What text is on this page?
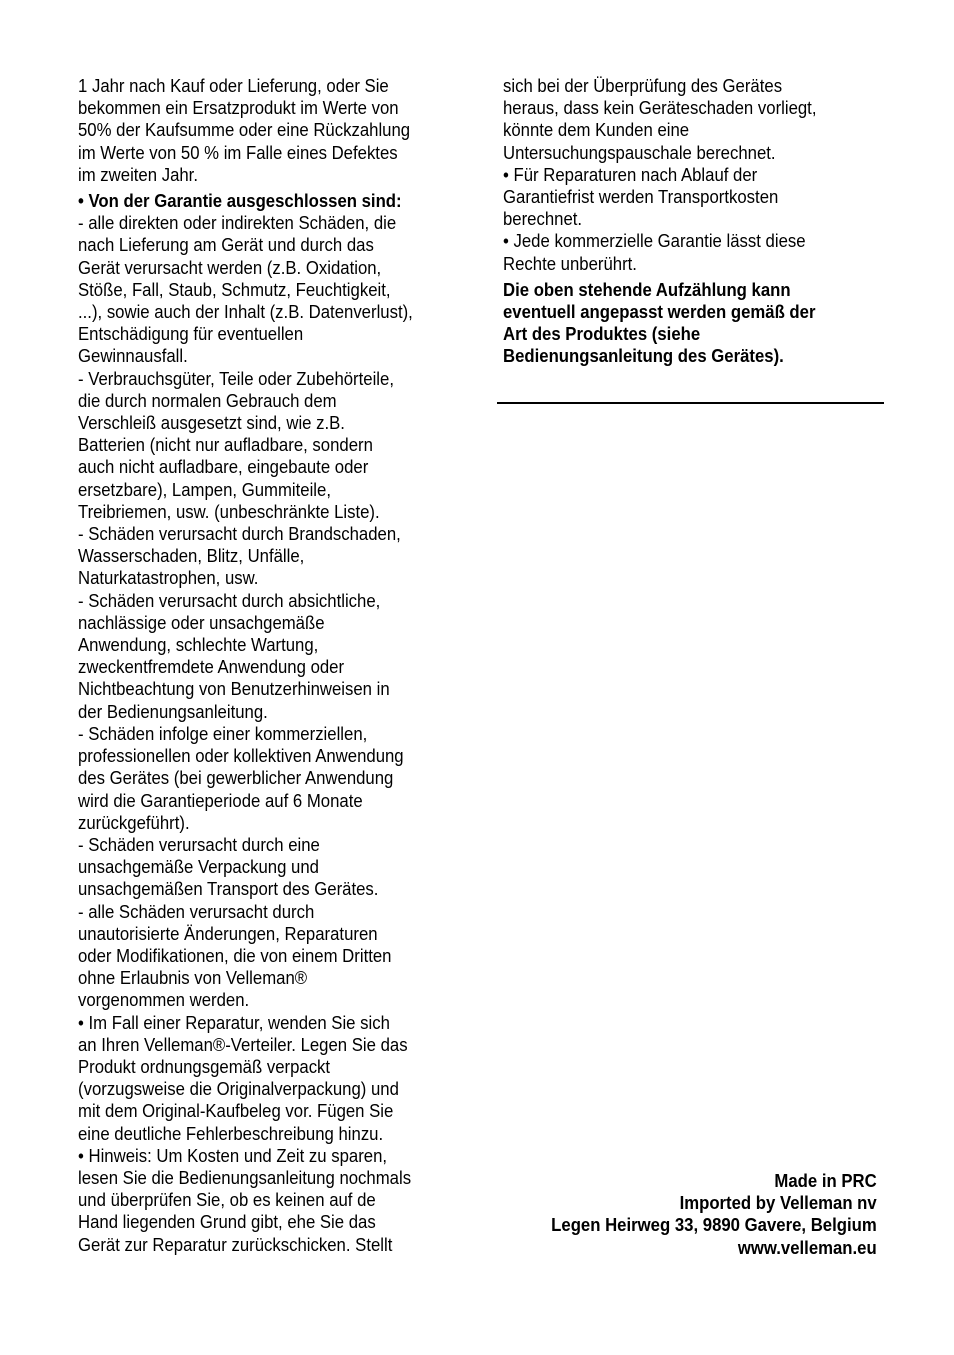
1 Jahr nach Kauf oder Lieferung, oder Sie
bekommen ein Ersatzprodukt im Werte von
50% der Kaufsumme oder eine Rückzahlung
im Werte von 50 % im Falle eines Defektes
im zweiten Jahr.
• Von der Garantie ausgeschlossen sind:
- alle direkten oder indirekten Schäden, die
nach Lieferung am Gerät und durch das
Gerät verursacht werden (z.B. Oxidation,
Stöße, Fall, Staub, Schmutz, Feuchtigkeit,
...), sowie auch der Inhalt (z.B. Datenverlust),
Entschädigung für eventuellen
Gewinnausfall.
- Verbrauchsgüter, Teile oder Zubehörteile,
die durch normalen Gebrauch dem
Verschleiß ausgesetzt sind, wie z.B.
Batterien (nicht nur aufladbare, sondern
auch nicht aufladbare, eingebaute oder
ersetzbare), Lampen, Gummiteile,
Treibriemen, usw. (unbeschränkte Liste).
- Schäden verursacht durch Brandschaden,
Wasserschaden, Blitz, Unfälle,
Naturkatastrophen, usw.
- Schäden verursacht durch absichtliche,
nachlässige oder unsachgemäße
Anwendung, schlechte Wartung,
zweckentfremdete Anwendung oder
Nichtbeachtung von Benutzerhinweisen in
der Bedienungsanleitung.
- Schäden infolge einer kommerziellen,
professionellen oder kollektiven Anwendung
des Gerätes (bei gewerblicher Anwendung
wird die Garantieperiode auf 6 Monate
zurückgeführt).
- Schäden verursacht durch eine
unsachgemäße Verpackung und
unsachgemäßen Transport des Gerätes.
- alle Schäden verursacht durch
unautorisierte Änderungen, Reparaturen
oder Modifikationen, die von einem Dritten
ohne Erlaubnis von Velleman®
vorgenommen werden.
• Im Fall einer Reparatur, wenden Sie sich
an Ihren Velleman®-Verteiler. Legen Sie das
Produkt ordnungsgemäß verpackt
(vorzugsweise die Originalverpackung) und
mit dem Original-Kaufbeleg vor. Fügen Sie
eine deutliche Fehlerbeschreibung hinzu.
• Hinweis: Um Kosten und Zeit zu sparen,
lesen Sie die Bedienungsanleitung nochmals
und überprüfen Sie, ob es keinen auf de
Hand liegenden Grund gibt, ehe Sie das
Gerät zur Reparatur zurückschicken. Stellt
sich bei der Überprüfung des Gerätes
heraus, dass kein Geräteschaden vorliegt,
könnte dem Kunden eine
Untersuchungspauschale berechnet.
• Für Reparaturen nach Ablauf der
Garantiefrist werden Transportkosten
berechnet.
• Jede kommerzielle Garantie lässt diese
Rechte unberührt.
Die oben stehende Aufzählung kann
eventuell angepasst werden gemäß der
Art des Produktes (siehe
Bedienungsanleitung des Gerätes).
Made in PRC
Imported by Velleman nv
Legen Heirweg 33, 9890 Gavere, Belgium
www.velleman.eu
